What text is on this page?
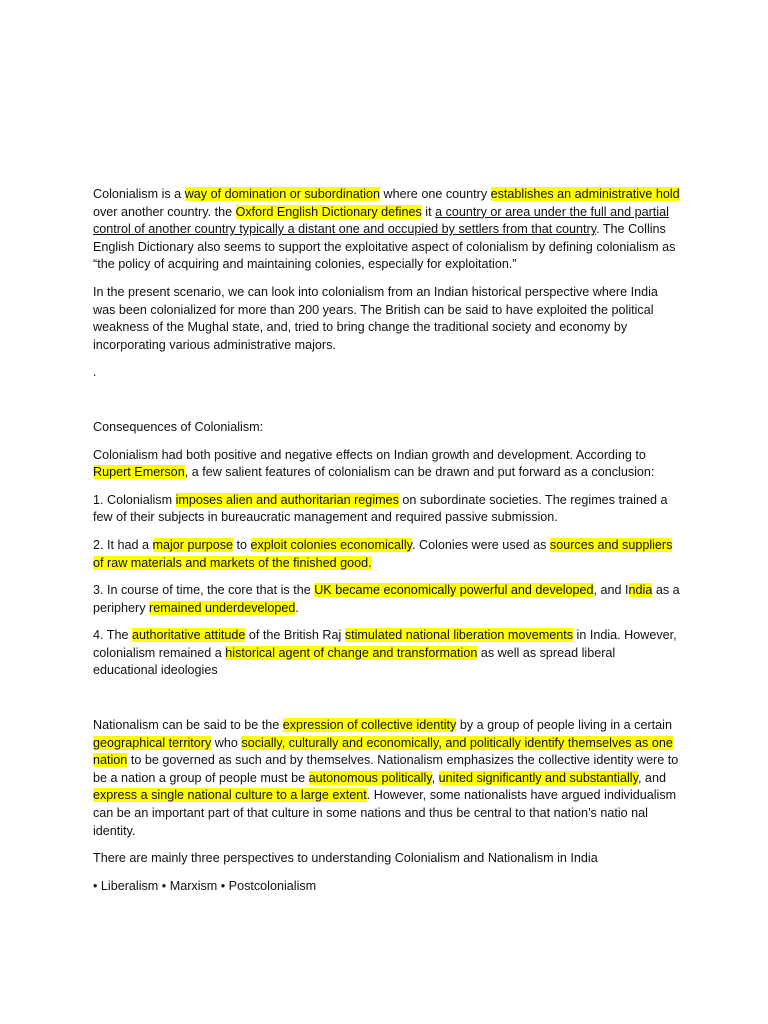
Colonialism is a way of domination or subordination where one country establishes an administrative hold over another country. the Oxford English Dictionary defines it a country or area under the full and partial control of another country typically a distant one and occupied by settlers from that country. The Collins English Dictionary also seems to support the exploitative aspect of colonialism by defining colonialism as “the policy of acquiring and maintaining colonies, especially for exploitation.”

In the present scenario, we can look into colonialism from an Indian historical perspective where India was been colonialized for more than 200 years. The British can be said to have exploited the political weakness of the Mughal state, and, tried to bring change the traditional society and economy by incorporating various administrative majors.

.

Consequences of Colonialism:

Colonialism had both positive and negative effects on Indian growth and development. According to Rupert Emerson, a few salient features of colonialism can be drawn and put forward as a conclusion:

1. Colonialism imposes alien and authoritarian regimes on subordinate societies. The regimes trained a few of their subjects in bureaucratic management and required passive submission.

2. It had a major purpose to exploit colonies economically. Colonies were used as sources and suppliers of raw materials and markets of the finished good.

3. In course of time, the core that is the UK became economically powerful and developed, and India as a periphery remained underdeveloped.

4. The authoritative attitude of the British Raj stimulated national liberation movements in India. However, colonialism remained a historical agent of change and transformation as well as spread liberal educational ideologies

Nationalism can be said to be the expression of collective identity by a group of people living in a certain geographical territory who socially, culturally and economically, and politically identify themselves as one nation to be governed as such and by themselves. Nationalism emphasizes the collective identity were to be a nation a group of people must be autonomous politically, united significantly and substantially, and express a single national culture to a large extent. However, some nationalists have argued individualism can be an important part of that culture in some nations and thus be central to that nation’s natio nal identity.

There are mainly three perspectives to understanding Colonialism and Nationalism in India

• Liberalism • Marxism • Postcolonialism
